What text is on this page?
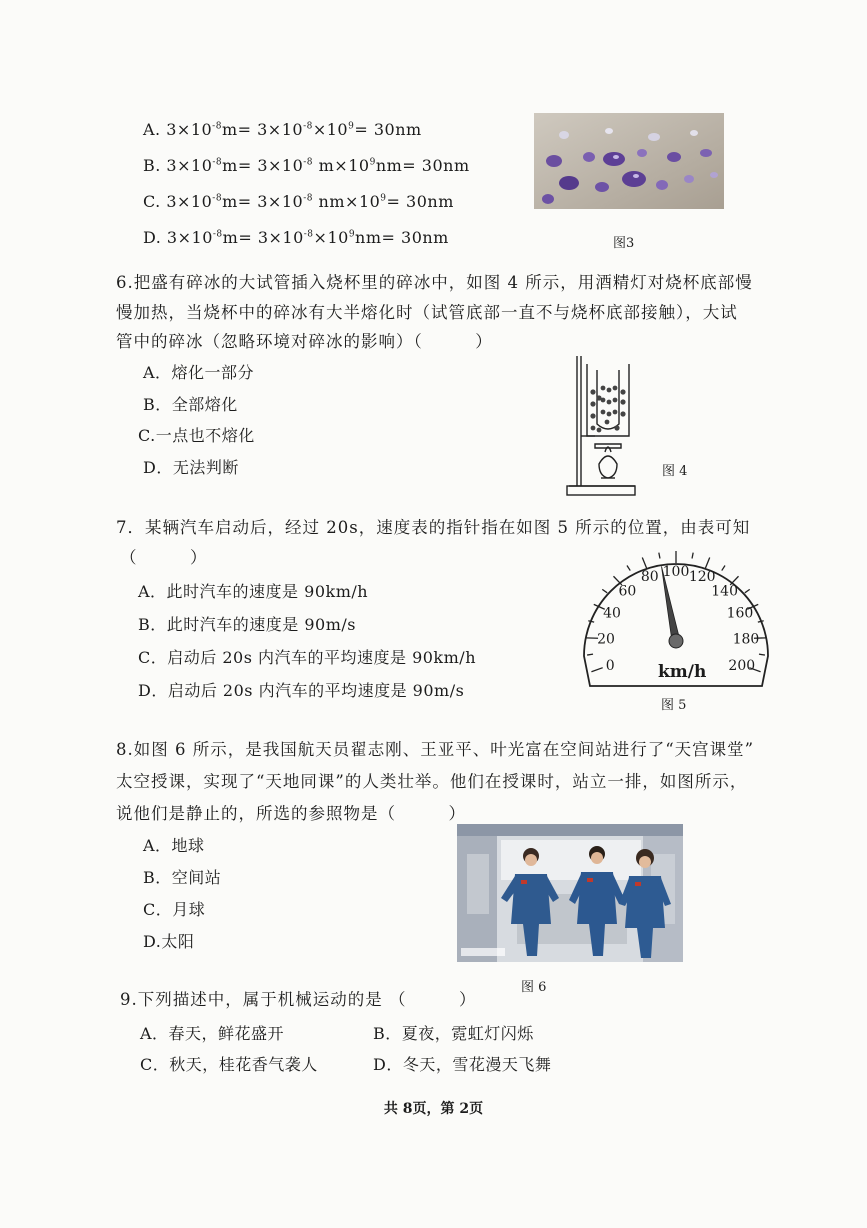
A. $3\times 10^{-8}m= 3\times 10^{-8}\times 10^9= 30nm$
B. $3\times 10^{-8}m= 3\times 10^{-8}$ $m\times 10^9nm= 30nm$
C. $3\times 10^{-8}m= 3\times 10^{-8}$ $nm\times 10^9= 30nm$
D. $3\times 10^{-8}m= 3\times 10^{-8}\times 10^9nm= 30nm$	图3
6.把盛有碎冰的大试管插入烧杯里的碎冰中，如图 4 所示，用酒精灯对烧杯底部慢
慢加热，当烧杯中的碎冰有大半熔化时（试管底部一直不与烧杯底部接触），大试
管中的碎冰（忽略环境对碎冰的影响）（　　　）
A．熔化一部分
B．全部熔化
C.一点也不熔化
D．无法判断	图 4
7．某辆汽车启动后，经过 20s，速度表的指针指在如图 5 所示的位置，由表可知
（　　　）
A．此时汽车的速度是 90km/h
B．此时汽车的速度是 90m/s
C．启动后 20s 内汽车的平均速度是 90km/h
D．启动后 20s 内汽车的平均速度是 90m/s
0
20
40
60
80 100 120
140
160
180
200
km/h
图 5
8.如图 6 所示，是我国航天员翟志刚、王亚平、叶光富在空间站进行了“天宫课堂”
太空授课，实现了“天地同课”的人类壮举。他们在授课时，站立一排，如图所示，
说他们是静止的，所选的参照物是（　　　）
A．地球
B．空间站
C．月球
D.太阳
图 6
9.下列描述中，属于机械运动的是 （　　　）
A．春天，鲜花盛开	B．夏夜，霓虹灯闪烁
C．秋天，桂花香气袭人	D．冬天，雪花漫天飞舞
共 8页，第 2页
